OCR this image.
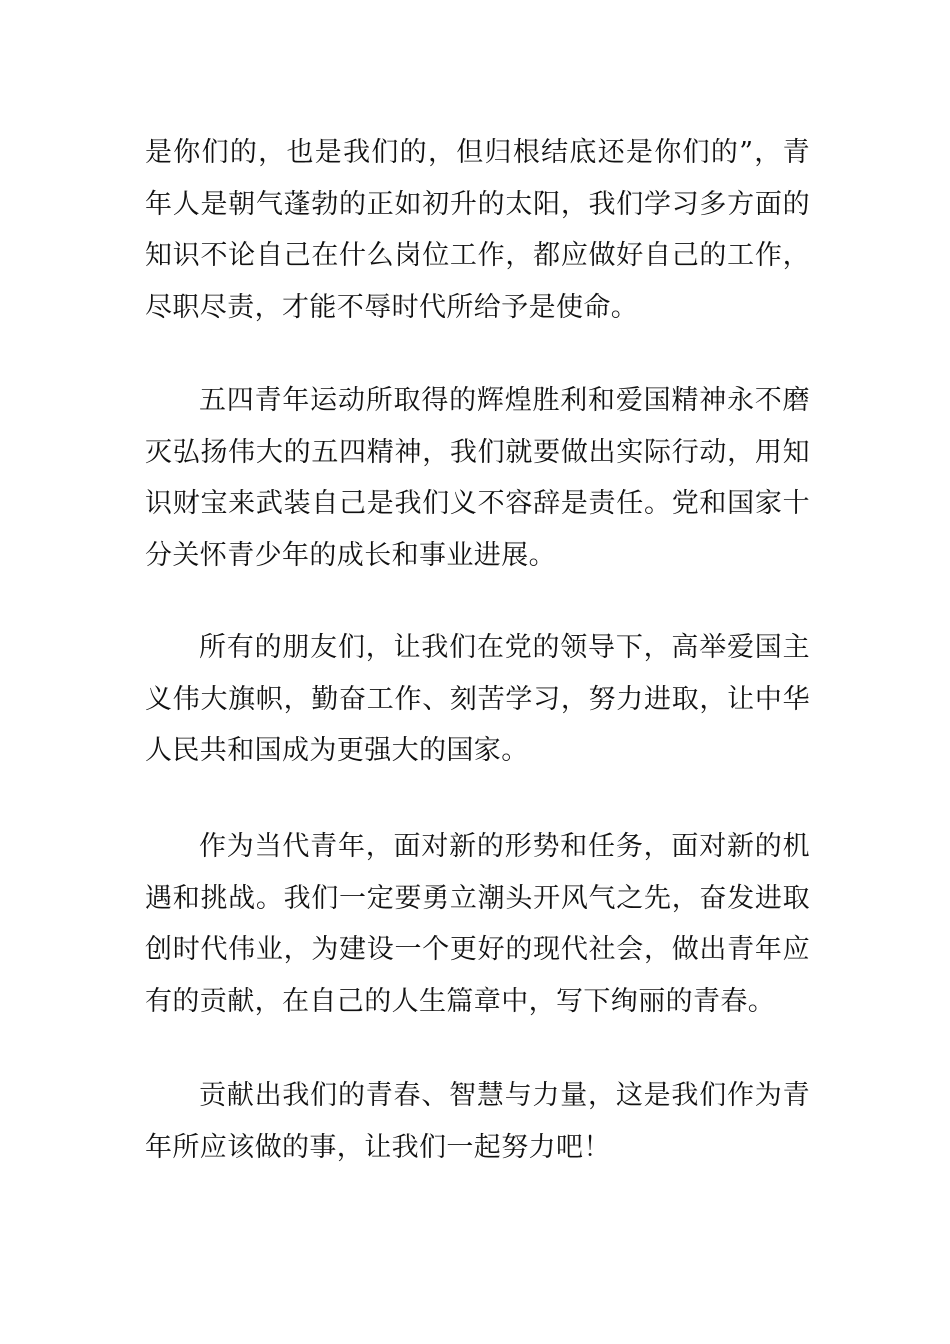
是你们的，也是我们的，但归根结底还是你们的”，青年人是朝气蓬勃的正如初升的太阳，我们学习多方面的知识不论自己在什么岗位工作，都应做好自己的工作，尽职尽责，才能不辱时代所给予是使命。

五四青年运动所取得的辉煌胜利和爱国精神永不磨灭弘扬伟大的五四精神，我们就要做出实际行动，用知识财宝来武装自己是我们义不容辞是责任。党和国家十分关怀青少年的成长和事业进展。

所有的朋友们，让我们在党的领导下，高举爱国主义伟大旗帜，勤奋工作、刻苦学习，努力进取，让中华人民共和国成为更强大的国家。

作为当代青年，面对新的形势和任务，面对新的机遇和挑战。我们一定要勇立潮头开风气之先，奋发进取创时代伟业，为建设一个更好的现代社会，做出青年应有的贡献，在自己的人生篇章中，写下绚丽的青春。

贡献出我们的青春、智慧与力量，这是我们作为青年所应该做的事，让我们一起努力吧！
